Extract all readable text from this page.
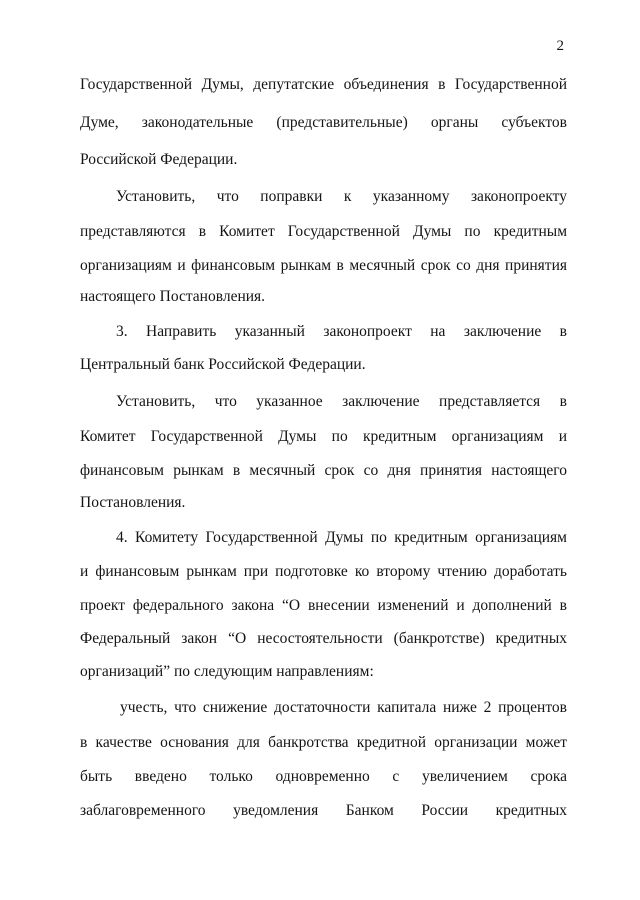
2
Государственной Думы, депутатские объединения в Государственной
Думе, законодательные (представительные) органы субъектов
Российской Федерации.
Установить, что поправки к указанному законопроекту
представляются в Комитет Государственной Думы по кредитным
организациям и финансовым рынкам в месячный срок со дня принятия
настоящего Постановления.
3. Направить указанный законопроект на заключение в
Центральный банк Российской Федерации.
Установить, что указанное заключение представляется в
Комитет Государственной Думы по кредитным организациям и
финансовым рынкам в месячный срок со дня принятия настоящего
Постановления.
4. Комитету Государственной Думы по кредитным организациям
и финансовым рынкам при подготовке ко второму чтению доработать
проект федерального закона “О внесении изменений и дополнений в
Федеральный закон “О несостоятельности (банкротстве) кредитных
организаций” по следующим направлениям:
учесть, что снижение достаточности капитала ниже 2 процентов
в качестве основания для банкротства кредитной организации может
быть введено только одновременно с увеличением срока
заблаговременного уведомления Банком России кредитных
